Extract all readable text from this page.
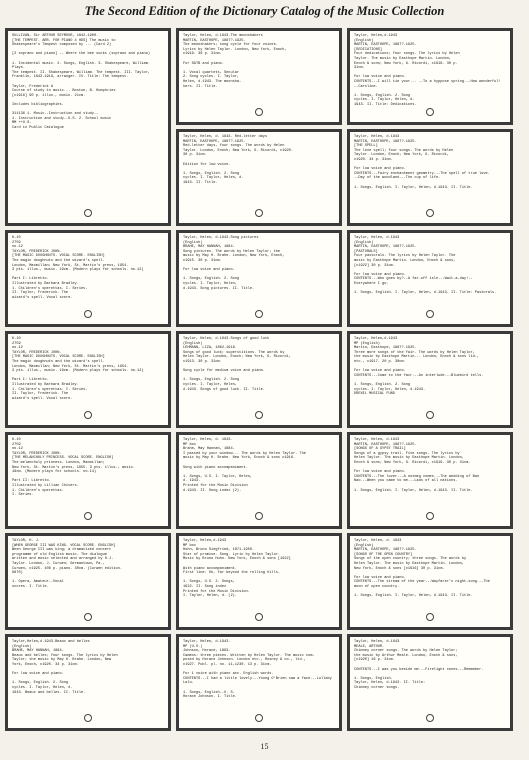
The Second Edition of the Dictionary Catalog of the Music Collection
SULLIVAN, Sir ARTHUR SEYMOUR, 1842-1900.
[THE TEMPEST. ARR. FOR PIANO 4 HDS] The music to
Shakespeare's Tempest composed by ... (Card 2)

[2 soprano and piano] -- Where the bee sucks (soprano and piano)

1. Incidental music. 2. Songs, English. 3. Shakespeare, William. Plays.
The tempest. II. Shakespeare, William. The tempest. III. Taylor,
Franklin, 1843-1919, arranger. IV. Title: The tempest.

Taylor, Frederick A
Course of study in music... Boston, B. Humphries
[c1916] 90 p. illus., music. 21cm.

Includes bibliographies.

311136 1. Music--Instruction and study--
1. Instruction and study--U.S. 2. School music
MM ++U.S.
Card in Public Catalogue
Taylor, Helen, d.1943.The moonshakers
MARTIN, EASTHOPE, 1887?-1925.
The moonshakers; song cycle for four voices.
Lyrics by Helen Taylor. London, New York, Enoch,
c1919. 30 p. 31cm.

For SATB and piano.

1. Vocal quartets, Secular
2. Song cycles. I. Taylor,
Helen, d.1943. The moonsha-
kers. II. Title.
Taylor, Helen,d.1943
(English)
MARTIN, EASTHOPE, 1887?-1925.
[DEDICATIONS]
Four dedications; four songs. The lyrics by Helen
Taylor. The music by Easthope Martin. London,
Enoch & sons; New York, G. Ricordi, c1918. 30 p.
31cm.

For low voice and piano.
CONTENTS.--I will tie your... --To a hyppose spring.--How wonderful!
--Caroline.

1. Songs, English. 2. Song
cycles. I. Taylor, Helen, d.
1943. II. Title: Dedications.
Taylor, Helen, d. 1943. Red-letter days
MARTIN, EASTHOPE, 1887?-1925.
Red-letter days, four songs. The words by Helen
Taylor. London, Enoch; New York, G. Ricordi, c1920.
30 p. 31cm.

Edition for low voice.

1. Songs, English. 2. Song
cycles. I. Taylor, Helen, d.
1943. II. Title.
Taylor, Helen, d.1943
MARTIN, EASTHOPE, 1887?-1925.
[THE SPELL]
The love spell; four songs. The words by Helen
Taylor. London, Enoch; New York, G. Ricordi,
c1920. 34 p. 31cm.

For low voice and piano.
CONTENTS.--Fairy enchantment geometry.--The spell of true love.
--Day of the woodland.--The cup of life.

1. Songs, English. I. Taylor, Helen, d.1943. II. Title.
K-10
2759
no.12
TAYLOR, FREDERICK JOHN.
[THE MAGIC DOUGHNUTS. VOCAL SCORE. ENGLISH]
The magic doughnuts and the wizard's spell.
London, Macmillan; New York, St. Martin's press, 1954.
3 pts. illus., music. 19cm. (Modern plays for schools. no.12)

Part I: Libretto.
Illustrated by Barbara Bradley.
1. Children's operettas. I. Series.
II. Taylor, Frederick. The
wizard's spell. Vocal score.
Taylor, Helen, d.1943.Song pictures
(English)
BRAHE, MAY HANNAH, 1884-
Song pictures. The words by Helen Taylor; the
music by May H. Brahe. London, New York, Enoch,
c1915. 30 p. 31cm.

For low voice and piano.

1. Songs, English. 2. Song
cycles. I. Taylor, Helen,
d.1943. Song pictures. II. Title.
Taylor, Helen, d.1943
(English)
MARTIN, EASTHOPE, 1887?-1925.
[PASTORALS]
Four pastorals. The lyrics by Helen Taylor. The
music by Easthope Martin. London, Enoch & sons,
[c1922] 30 p. 31cm.

For low voice and piano.
CONTENTS.--Who goes by?--A far-off isle.--Wait-a-day!--
Everywhere I go.

1. Songs, English. I. Taylor, Helen, d.1943. II. Title: Pastorals.
K-10
2759
no.12
TAYLOR, FREDERICK JOHN.
[THE MAGIC DOUGHNUTS. VOCAL SCORE. ENGLISH]
The magic doughnuts and the wizard's spell.
London, Macmillan; New York, St. Martin's press, 1954.
3 pts. illus., music. 19cm. (Modern plays for schools. no.12)

Part I: Libretto.
Illustrated by Barbara Bradley.
1. Children's operettas. I. Series.
II. Taylor, Frederick. The
wizard's spell. Vocal score.
Taylor, Helen, d.1943.Songs of good luck
(English)
LEHMANN, LIZA, 1862-1918.
Songs of good luck; superstitions. The words by
Helen Taylor. London, Enoch; New York, G. Ricordi,
c1913. 30 p. 31cm.

Song cycle for medium voice and piano.

1. Songs, English. 2. Song
cycles. I. Taylor, Helen,
d.1943. Songs of good luck. II. Title.
Taylor, Helen,d.1943
MP (English)
Martin, Easthope, 1887?-1925.
Three more songs of the fair. The words by Helen Taylor,
the music by Easthope Martin... London, Enoch & sons ltd.,
etc., c1917. 20 p. 30cm.

For low voice and piano.
CONTENTS.--Come to the fair.--An interlude.--Bluebird tells.

1. Songs, English. 2. Song
cycles. I. Taylor, Helen, d.1943.
DREXEL MUSICAL FUND
K-10
2759
no.12
TAYLOR, FREDERICK JOHN.
[THE MELANCHOLY PRINCESS. VOCAL SCORE. ENGLISH]
The melancholy princess. London, Macmillan;
New York, St. Martin's press, 1955. 3 pts. illus., music.
19cm. (Modern plays for schools. no.14)

Part II: Libretto.
Illustrated by Lillian Chivers.
1. Children's operettas.
I. Series.
Taylor, Helen, d. 1943.
MP box
Brahe, May Hannah, 1884-
I passed by your window... The words by Helen Taylor. The
music by May H. Brahe. New York, Enoch & sons c1916.

Song with piano accompaniment.

1. Songs, U.S. I. Taylor, Helen,
d. 1943.
Printed for the Music Division
d.1943. II. Song index (2).
Taylor, Helen, d.1943
MARTIN, EASTHOPE, 1887?-1925.
[SONGS OF A GYPSY TRAIL]
Songs of a gypsy trail. Five songs. The lyrics by
Helen Taylor. The music by Easthope Martin. London,
Enoch & sons; New York, G. Ricordi, c1919. 30 p. 31cm.

For low voice and piano.
CONTENTS.--The lover.--A nutmeg comes.--The wedding of Ban
Nao.--When you came to me.--Lads of all nations.

1. Songs, English. I. Taylor, Helen, d.1943. II. Title.
TAYLOR, H. J.
[WHEN GEORGE III WAS KING. VOCAL SCORE. ENGLISH]
When George III was king; a dramatized concert
programme of old English music. The dialogue
written and music selected and arranged by H.J.
Taylor. London, J. Curwen; Germantown, Pa.,
Curwen, c1925. 106 p. piano. 30cm. (Curwen edition.
9870)

1. Opera, Amateur--Vocal
scores. I. Title.
Taylor, Helen,d.1943
MP box
Huhn, Bruno Siegfried, 1871-1950.
Star of promise. Song. Lyric by Helen Taylor.
Music by Bruno Huhn. New York, Enoch & sons [1922]

With piano accompaniment.
First line: Oh, far beyond the rolling hills.

1. Songs, U.S. 2. Songs,
1922. II. Song index
Printed for the Music Division.
I. Taylor, Helen, d. (2).
Taylor, Helen, d. 1943
(English)
MARTIN, EASTHOPE, 1887?-1925.
[SONGS OF THE OPEN COUNTRY]
Songs of the open country; three songs. The words by
Helen Taylor. The music by Easthope Martin. London,
New York, Enoch & sons [c1916] 30 p. 31cm.

For low voice and piano.
CONTENTS.--The stream of the year.--Wayfarer's night-song.--The
moon of open country.

1. Songs, English. I. Taylor, Helen, d.1943. II. Title.
Taylor,Helen,d.1943.Beaux and belles
(English)
BRAHE, MAY HANNAH, 1884-
Beaux and belles; four songs. The lyrics by Helen
Taylor; the music by May H. Brahe. London, New
York, Enoch, c1920. 34 p. 31cm.

For low voice and piano.

1. Songs, English. 2. Song
cycles. I. Taylor, Helen, d.
1943. Beaux and belles. II. Title.
Taylor, Helen, d.1943.
MP (U.S.)
Johnson, Horace, 1893-
Cameos: three pieces. Written by Helen Taylor. The music com-
posed by Horace Johnson. London etc., Rosney & co., ltd.,
c1927. Publ. pl. no. 11,1230. 13 p. 31cm.

For 1 voice with piano acc. English words.
CONTENTS.--I had a little lovely.--Young O'Brien saw a face.--Lullaby Lalu.

1. Songs, English--U. S.
Horace Johnson. I. Title.
Taylor, Helen, d.1943
MEALE, ARTHUR.
Chimney corner songs. The words by Helen Taylor;
the music by Arthur Meale. London, Enoch & sons,
[c1920] 16 p. 31cm.

CONTENTS.--I was you beside me.--Firelight cones.--Remember.

1. Songs, English.
Taylor, Helen, d.1943. II. Title:
Chimney corner songs.
15
